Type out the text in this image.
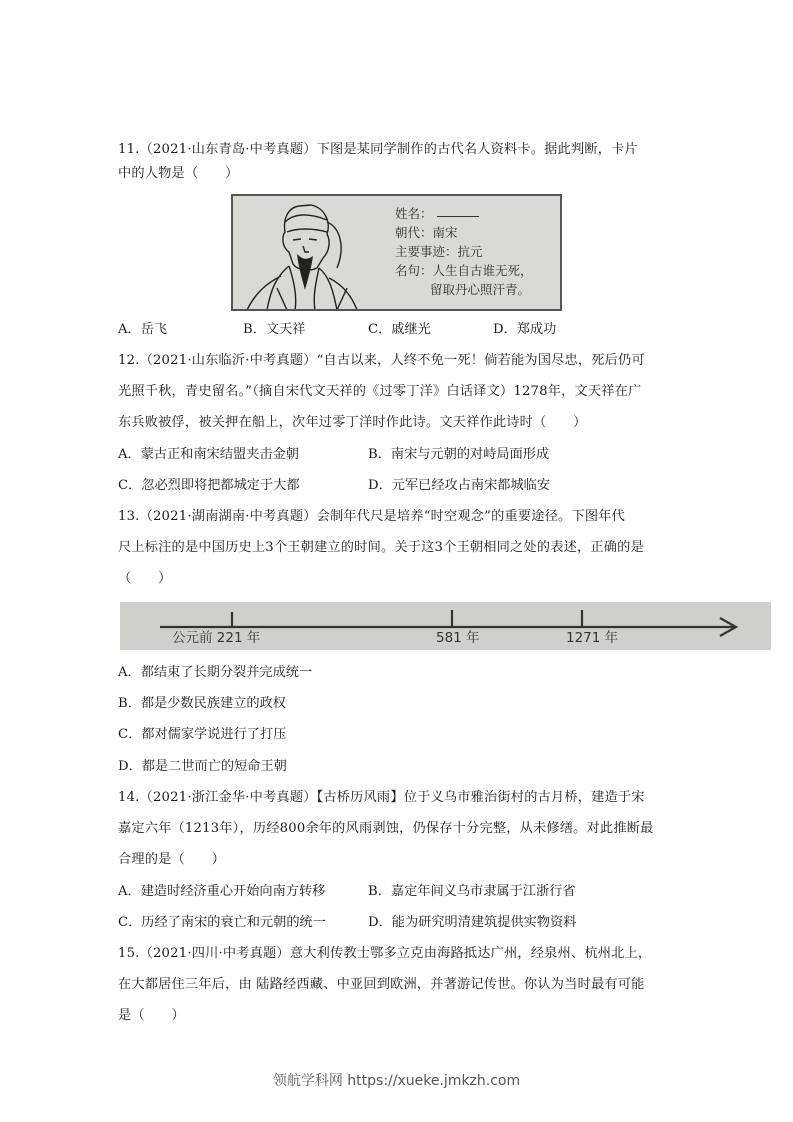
11.（2021·山东青岛·中考真题）下图是某同学制作的古代名人资料卡。据此判断，卡片
中的人物是（　　）
姓名：
朝代：南宋
主要事迹：抗元
名句：人生自古谁无死，
留取丹心照汗青。
A．岳飞	B．文天祥	C．戚继光	D．郑成功
12.（2021·山东临沂·中考真题）“自古以来，人终不免一死！倘若能为国尽忠，死后仍可
光照千秋，青史留名。”（摘自宋代文天祥的《过零丁洋》白话译文）1278年，文天祥在广
东兵败被俘，被关押在船上，次年过零丁洋时作此诗。文天祥作此诗时（　　）
A．蒙古正和南宋结盟夹击金朝	B．南宋与元朝的对峙局面形成
C．忽必烈即将把都城定于大都	D．元军已经攻占南宋都城临安
13.（2021·湖南湖南·中考真题）会制年代尺是培养“时空观念”的重要途径。下图年代
尺上标注的是中国历史上3个王朝建立的时间。关于这3个王朝相同之处的表述，正确的是
（　　）
公元前 221 年	581 年	1271 年
A．都结束了长期分裂并完成统一
B．都是少数民族建立的政权
C．都对儒家学说进行了打压
D．都是二世而亡的短命王朝
14.（2021·浙江金华·中考真题）【古桥历风雨】位于义乌市雅治街村的古月桥，建造于宋
嘉定六年（1213年），历经800余年的风雨剥蚀，仍保存十分完整，从未修缮。对此推断最
合理的是（　　）
A．建造时经济重心开始向南方转移	B．嘉定年间义乌市隶属于江浙行省
C．历经了南宋的衰亡和元朝的统一	D．能为研究明清建筑提供实物资料
15.（2021·四川·中考真题）意大利传教士鄂多立克由海路抵达广州，经泉州、杭州北上，
在大都居住三年后，由 陆路经西藏、中亚回到欧洲，并著游记传世。你认为当时最有可能
是（　　）
领航学科网 https://xueke.jmkzh.com
